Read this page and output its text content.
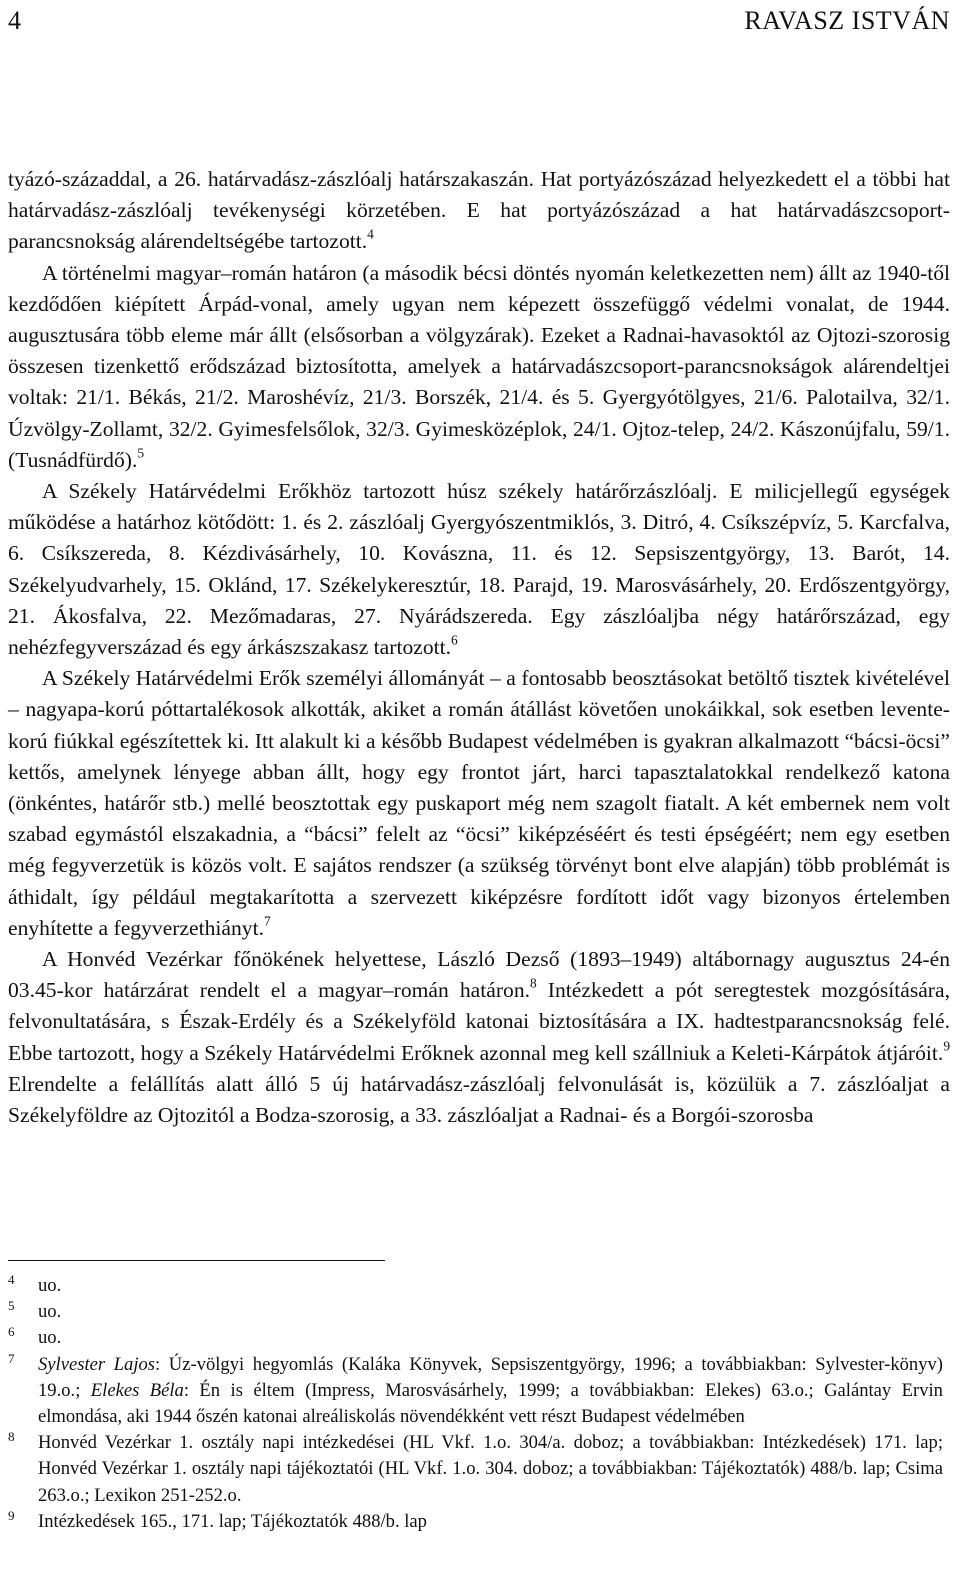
4	RAVASZ ISTVÁN

tyázó-századdal, a 26. határvadász-zászlóalj határszakaszán. Hat portyázószázad helyezkedett el a többi hat határvadász-zászlóalj tevékenységi körzetében. E hat portyázószázad a hat határvadászcsoport-parancsnokság alárendeltségébe tartozott.$^4$

A történelmi magyar–román határon (a második bécsi döntés nyomán keletkezetten nem) állt az 1940-től kezdődően kiépített Árpád-vonal, amely ugyan nem képezett összefüggő védelmi vonalat, de 1944. augusztusára több eleme már állt (elsősorban a völgyzárak). Ezeket a Radnai-havasoktól az Ojtozi-szorosig összesen tizenkettő erődszázad biztosította, amelyek a határvadászcsoport-parancsnokságok alárendeltjei voltak: 21/1. Békás, 21/2. Maroshévíz, 21/3. Borszék, 21/4. és 5. Gyergyótölgyes, 21/6. Palotailva, 32/1. Úzvölgy-Zollamt, 32/2. Gyimesfelsőlok, 32/3. Gyimesközéplok, 24/1. Ojtoz-telep, 24/2. Kászonújfalu, 59/1. (Tusnádfürdő).$^5$

A Székely Határvédelmi Erőkhöz tartozott húsz székely határőrzászlóalj. E milicjellegű egységek működése a határhoz kötődött: 1. és 2. zászlóalj Gyergyószentmiklós, 3. Ditró, 4. Csíkszépvíz, 5. Karcfalva, 6. Csíkszereda, 8. Kézdivásárhely, 10. Kovászna, 11. és 12. Sepsiszentgyörgy, 13. Barót, 14. Székelyudvarhely, 15. Oklánd, 17. Székelykeresztúr, 18. Parajd, 19. Marosvásárhely, 20. Erdőszentgyörgy, 21. Ákosfalva, 22. Mezőmadaras, 27. Nyárádszereda. Egy zászlóaljba négy határőrszázad, egy nehézfegyverszázad és egy árkászszakasz tartozott.$^6$

A Székely Határvédelmi Erők személyi állományát – a fontosabb beosztásokat betöltő tisztek kivételével – nagyapa-korú póttartalékosok alkották, akiket a román átállást követően unokáikkal, sok esetben levente-korú fiúkkal egészítettek ki. Itt alakult ki a később Budapest védelmében is gyakran alkalmazott “bácsi-öcsi” kettős, amelynek lényege abban állt, hogy egy frontot járt, harci tapasztalatokkal rendelkező katona (önkéntes, határőr stb.) mellé beosztottak egy puskaport még nem szagolt fiatalt. A két embernek nem volt szabad egymástól elszakadnia, a “bácsi” felelt az “öcsi” kiképzéséért és testi épségéért; nem egy esetben még fegyverzetük is közös volt. E sajátos rendszer (a szükség törvényt bont elve alapján) több problémát is áthidalt, így például megtakarította a szervezett kiképzésre fordított időt vagy bizonyos értelemben enyhítette a fegyverzethiányt.$^7$

A Honvéd Vezérkar főnökének helyettese, László Dezső (1893–1949) altábornagy augusztus 24-én 03.45-kor határzárat rendelt el a magyar–román határon.$^8$ Intézkedett a pót seregtestek mozgósítására, felvonultatására, s Észak-Erdély és a Székelyföld katonai biztosítására a IX. hadtestparancsnokság felé. Ebbe tartozott, hogy a Székely Határvédelmi Erőknek azonnal meg kell szállniuk a Keleti-Kárpátok átjáróit.$^9$ Elrendelte a felállítás alatt álló 5 új határvadász-zászlóalj felvonulását is, közülük a 7. zászlóaljat a Székelyföldre az Ojtozitól a Bodza-szorosig, a 33. zászlóaljat a Radnai- és a Borgói-szorosba

$^4$ uo.
$^5$ uo.
$^6$ uo.
$^7$ Sylvester Lajos: Úz-völgyi hegyomlás (Kaláka Könyvek, Sepsiszentgyörgy, 1996; a továbbiakban: Sylvester-könyv) 19.o.; Elekes Béla: Én is éltem (Impress, Marosvásárhely, 1999; a továbbiakban: Elekes) 63.o.; Galántay Ervin elmondása, aki 1944 őszén katonai alreáliskolás növendékként vett részt Budapest védelmében
$^8$ Honvéd Vezérkar 1. osztály napi intézkedései (HL Vkf. 1.o. 304/a. doboz; a továbbiakban: Intézkedések) 171. lap; Honvéd Vezérkar 1. osztály napi tájékoztatói (HL Vkf. 1.o. 304. doboz; a továbbiakban: Tájékoztatók) 488/b. lap; Csima 263.o.; Lexikon 251-252.o.
$^9$ Intézkedések 165., 171. lap; Tájékoztatók 488/b. lap
